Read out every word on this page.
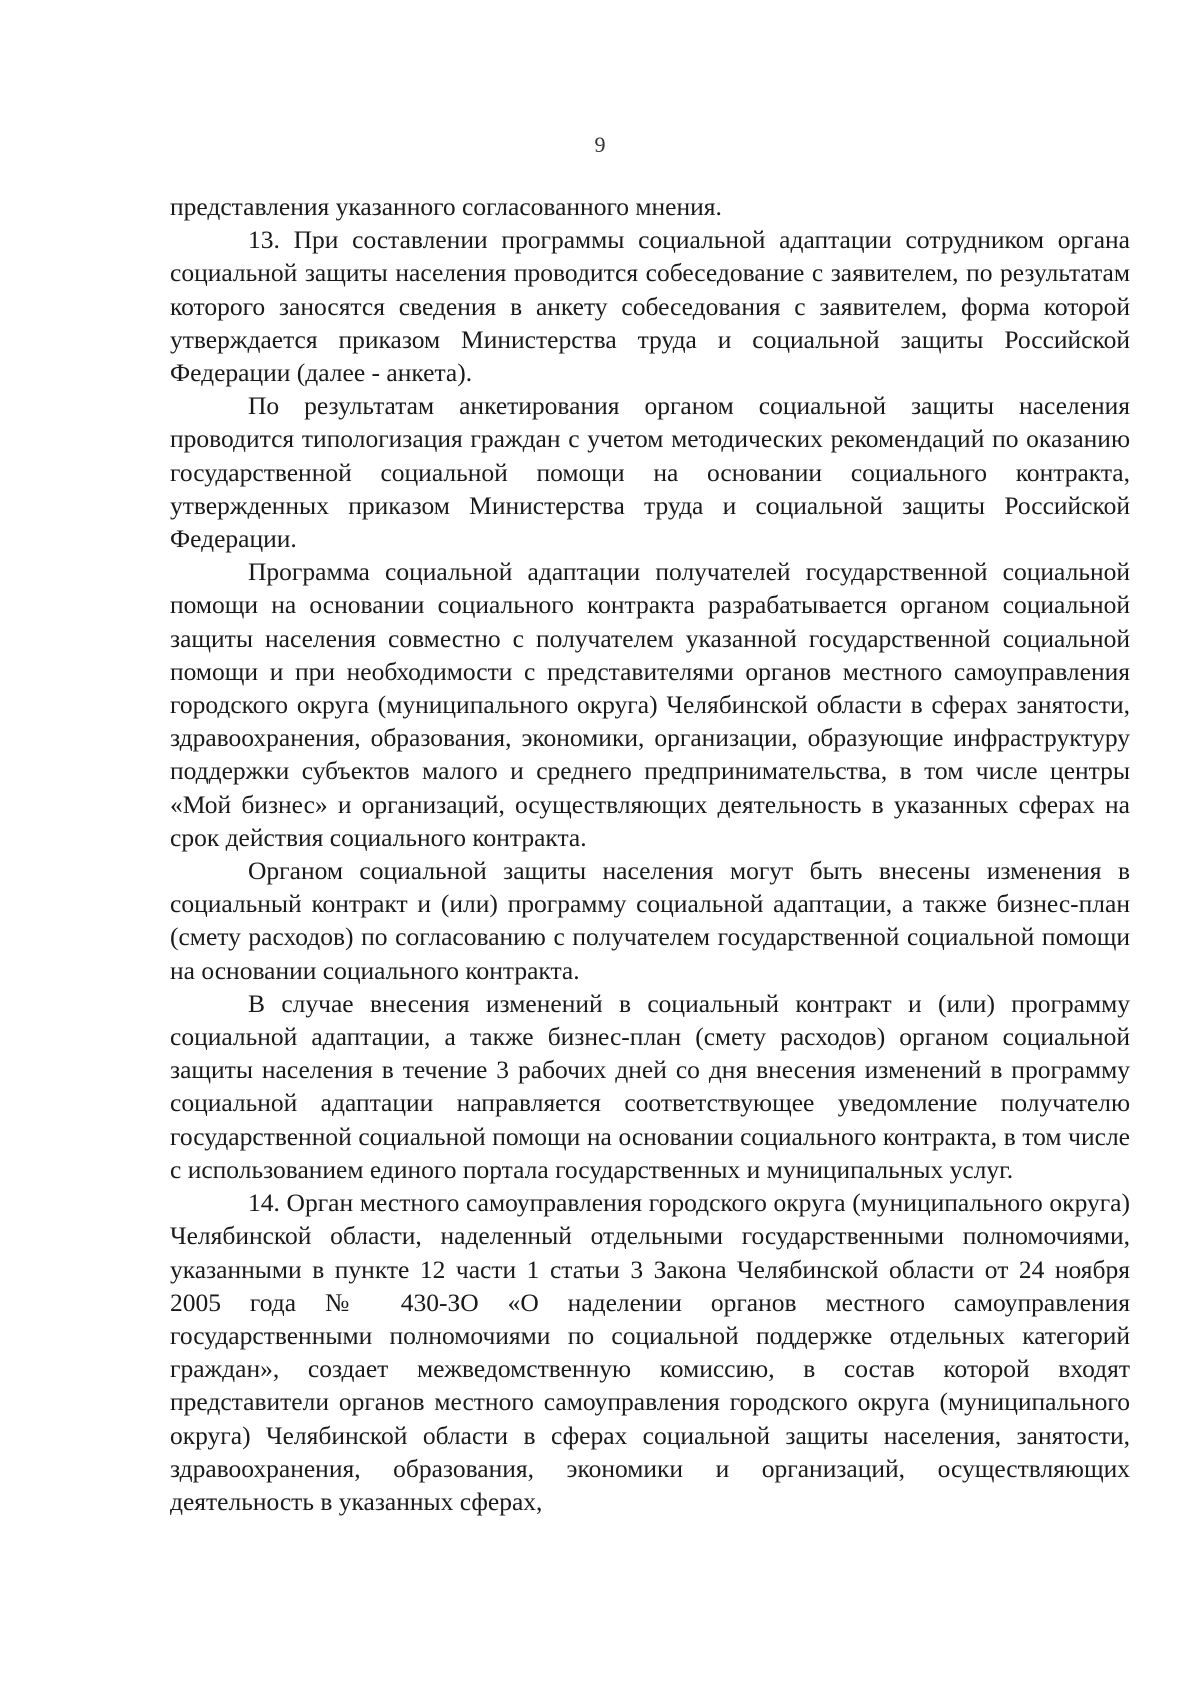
9

представления указанного согласованного мнения.

13. При составлении программы социальной адаптации сотрудником органа социальной защиты населения проводится собеседование с заявителем, по результатам которого заносятся сведения в анкету собеседования с заявителем, форма которой утверждается приказом Министерства труда и социальной защиты Российской Федерации (далее - анкета).

По результатам анкетирования органом социальной защиты населения проводится типологизация граждан с учетом методических рекомендаций по оказанию государственной социальной помощи на основании социального контракта, утвержденных приказом Министерства труда и социальной защиты Российской Федерации.

Программа социальной адаптации получателей государственной социальной помощи на основании социального контракта разрабатывается органом социальной защиты населения совместно с получателем указанной государственной социальной помощи и при необходимости с представителями органов местного самоуправления городского округа (муниципального округа) Челябинской области в сферах занятости, здравоохранения, образования, экономики, организации, образующие инфраструктуру поддержки субъектов малого и среднего предпринимательства, в том числе центры «Мой бизнес» и организаций, осуществляющих деятельность в указанных сферах на срок действия социального контракта.

Органом социальной защиты населения могут быть внесены изменения в социальный контракт и (или) программу социальной адаптации, а также бизнес-план (смету расходов) по согласованию с получателем государственной социальной помощи на основании социального контракта.

В случае внесения изменений в социальный контракт и (или) программу социальной адаптации, а также бизнес-план (смету расходов) органом социальной защиты населения в течение 3 рабочих дней со дня внесения изменений в программу социальной адаптации направляется соответствующее уведомление получателю государственной социальной помощи на основании социального контракта, в том числе с использованием единого портала государственных и муниципальных услуг.

14. Орган местного самоуправления городского округа (муниципального округа) Челябинской области, наделенный отдельными государственными полномочиями, указанными в пункте 12 части 1 статьи 3 Закона Челябинской области от 24 ноября 2005 года № 430-ЗО «О наделении органов местного самоуправления государственными полномочиями по социальной поддержке отдельных категорий граждан», создает межведомственную комиссию, в состав которой входят представители органов местного самоуправления городского округа (муниципального округа) Челябинской области в сферах социальной защиты населения, занятости, здравоохранения, образования, экономики и организаций, осуществляющих деятельность в указанных сферах,
